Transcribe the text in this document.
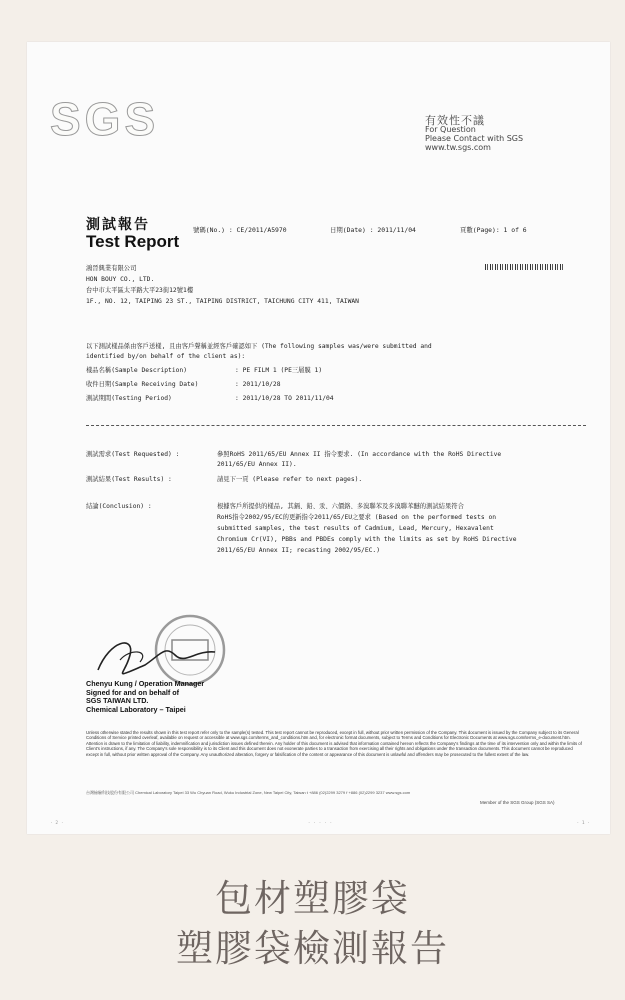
SGS	有效性不議
For Question
Please Contact with SGS
www.tw.sgs.com
測試報告
Test Report
號碼(No.) : CE/2011/A5970	日期(Date) : 2011/11/04	頁數(Page): 1 of 6
鴻晉興業有限公司
HON BOUY CO., LTD.
台中市太平區太平路大平23街12號1樓
1F., NO. 12, TAIPING 23 ST., TAIPING DISTRICT, TAICHUNG CITY 411, TAIWAN
以下測試樣品係由客戶送樣, 且由客戶聲稱並經客戶確認如下 (The following samples was/were submitted and
identified by/on behalf of the client as):
樣品名稱(Sample Description)	: PE FILM 1 (PE三層膜 1)
收件日期(Sample Receiving Date)	: 2011/10/28
測試期間(Testing Period)	: 2011/10/28 TO 2011/11/04
測試需求(Test Requested) :	參照RoHS 2011/65/EU Annex II 指令要求. (In accordance with the RoHS Directive
2011/65/EU Annex II).
測試結果(Test Results) :	請見下一頁 (Please refer to next pages).
結論(Conclusion) :	根據客戶所提供的樣品, 其鎘、鉛、汞、六價鉻、多溴聯苯及多溴聯苯醚的測試結果符合
RoHS指令2002/95/EC的更新指令2011/65/EU之要求 (Based on the performed tests on
submitted samples, the test results of Cadmium, Lead, Mercury, Hexavalent
Chromium Cr(VI), PBBs and PBDEs comply with the limits as set by RoHS Directive
2011/65/EU Annex II; recasting 2002/95/EC.)
Chenyu Kung / Operation Manager
Signed for and on behalf of
SGS TAIWAN LTD.
Chemical Laboratory – Taipei
Unless otherwise stated the results shown in this test report refer only to the sample(s) tested. This test report cannot be reproduced, except in full, without prior written permission of the Company. This document is issued by the Company subject to its General Conditions of Service printed overleaf, available on request or accessible at www.sgs.com/terms_and_conditions.htm and, for electronic format documents, subject to Terms and Conditions for Electronic Documents at www.sgs.com/terms_e-document.htm. Attention is drawn to the limitation of liability, indemnification and jurisdiction issues defined therein. Any holder of this document is advised that information contained hereon reflects the Company's findings at the time of its intervention only and within the limits of Client's instructions, if any. The Company's sole responsibility is to its Client and this document does not exonerate parties to a transaction from exercising all their rights and obligations under the transaction documents. This document cannot be reproduced except in full, without prior written approval of the Company. Any unauthorized alteration, forgery or falsification of the content or appearance of this document is unlawful and offenders may be prosecuted to the fullest extent of the law.
台灣檢驗科技股份有限公司 Chemical Laboratory Taipei 33 Wu Chyuan Road, Wuku Industrial Zone, New Taipei City, Taiwan t +886 (02)2299 3279 f +886 (02)2299 3237 www.sgs.com
Member of the SGS Group (SGS SA)
· 2 ·	· · · · ·	· 1 ·
包材塑膠袋
塑膠袋檢測報告
